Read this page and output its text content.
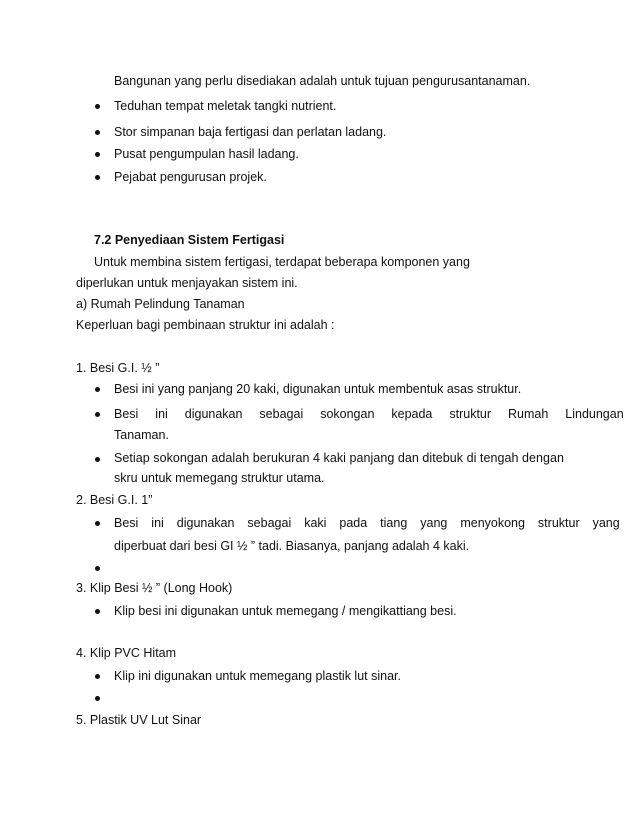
Bangunan yang perlu disediakan adalah untuk tujuan pengurusantanaman.
Teduhan tempat meletak tangki nutrient.
Stor simpanan baja fertigasi dan perlatan ladang.
Pusat pengumpulan hasil ladang.
Pejabat pengurusan projek.
7.2 Penyediaan Sistem Fertigasi
Untuk membina sistem fertigasi, terdapat beberapa komponen yang
diperlukan untuk menjayakan sistem ini.
a) Rumah Pelindung Tanaman
Keperluan bagi pembinaan struktur ini adalah :
1. Besi G.I. ½ ”
Besi ini yang panjang 20 kaki, digunakan untuk membentuk asas struktur.
Besi ini digunakan sebagai sokongan kepada struktur Rumah Lindungan
Tanaman.
Setiap sokongan adalah berukuran 4 kaki panjang dan ditebuk di tengah dengan
skru untuk memegang struktur utama.
2. Besi G.I. 1”
Besi ini digunakan sebagai kaki pada tiang yang menyokong struktur yang
diperbuat dari besi GI ½ ” tadi. Biasanya, panjang adalah 4 kaki.
3. Klip Besi ½ ” (Long Hook)
Klip besi ini digunakan untuk memegang / mengikattiang besi.
4. Klip PVC Hitam
Klip ini digunakan untuk memegang plastik lut sinar.
5. Plastik UV Lut Sinar
